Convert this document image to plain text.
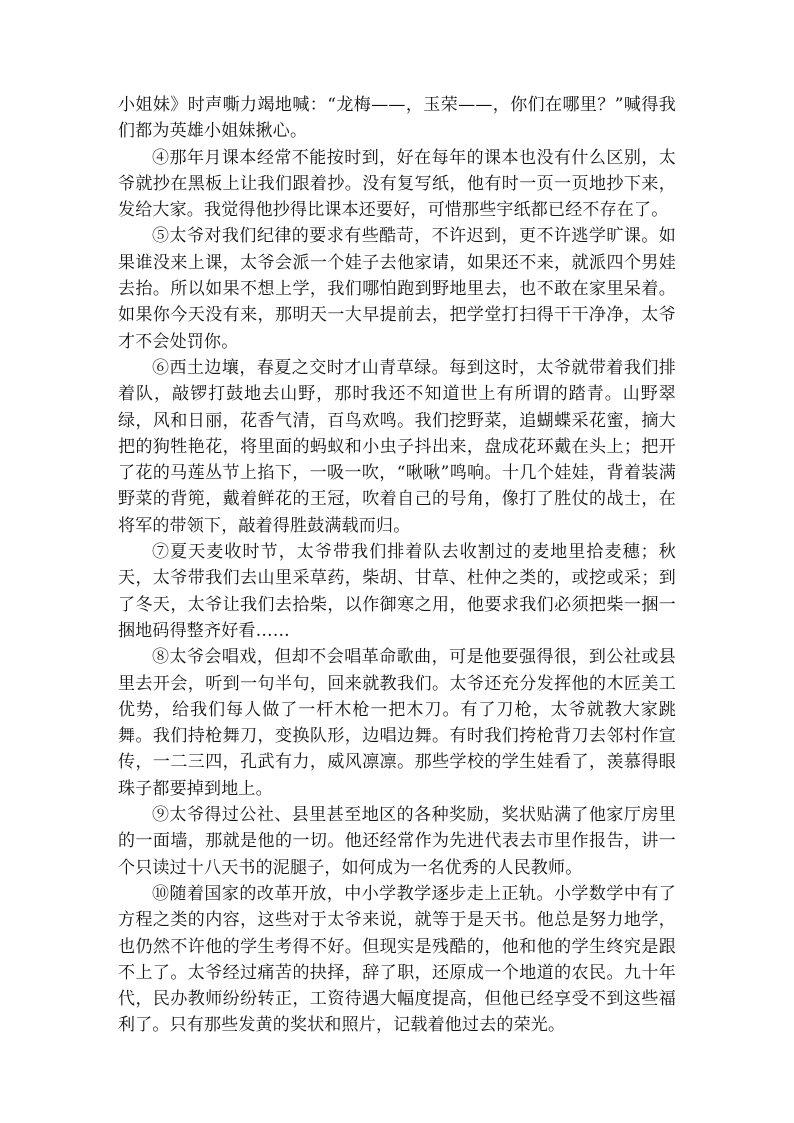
小姐妹》时声嘶力竭地喊：“龙梅——，玉荣——，你们在哪里？”喊得我们都为英雄小姐妹揪心。

④那年月课本经常不能按时到，好在每年的课本也没有什么区别，太爷就抄在黑板上让我们跟着抄。没有复写纸，他有时一页一页地抄下来，发给大家。我觉得他抄得比课本还要好，可惜那些宇纸都已经不存在了。

⑤太爷对我们纪律的要求有些酷苛，不许迟到，更不许逃学旷课。如果谁没来上课，太爷会派一个娃子去他家请，如果还不来，就派四个男娃去抬。所以如果不想上学，我们哪怕跑到野地里去，也不敢在家里呆着。如果你今天没有来，那明天一大早提前去，把学堂打扫得干干净净，太爷才不会处罚你。

⑥西土边壤，春夏之交时才山青草绿。每到这时，太爷就带着我们排着队，敲锣打鼓地去山野，那时我还不知道世上有所谓的踏青。山野翠绿，风和日丽，花香气清，百鸟欢鸣。我们挖野菜，追蝴蝶采花蜜，摘大把的狗牲艳花，将里面的蚂蚁和小虫子抖出来，盘成花环戴在头上；把开了花的马莲丛节上掐下，一吸一吹，“啾啾”鸣响。十几个娃娃，背着装满野菜的背篼，戴着鲜花的王冠，吹着自己的号角，像打了胜仗的战士，在将军的带领下，敲着得胜鼓满载而归。

⑦夏天麦收时节，太爷带我们排着队去收割过的麦地里拾麦穗；秋天，太爷带我们去山里采草药，柴胡、甘草、杜仲之类的，或挖或采；到了冬天，太爷让我们去拾柴，以作御寒之用，他要求我们必须把柴一捆一捆地码得整齐好看……

⑧太爷会唱戏，但却不会唱革命歌曲，可是他要强得很，到公社或县里去开会，听到一句半句，回来就教我们。太爷还充分发挥他的木匠美工优势，给我们每人做了一杆木枪一把木刀。有了刀枪，太爷就教大家跳舞。我们持枪舞刀，变换队形，边唱边舞。有时我们挎枪背刀去邻村作宣传，一二三四，孔武有力，威风凛凛。那些学校的学生娃看了，羡慕得眼珠子都要掉到地上。

⑨太爷得过公社、县里甚至地区的各种奖励，奖状贴满了他家厅房里的一面墙，那就是他的一切。他还经常作为先进代表去市里作报告，讲一个只读过十八天书的泥腿子，如何成为一名优秀的人民教师。

⑩随着国家的改革开放，中小学教学逐步走上正轨。小学数学中有了方程之类的内容，这些对于太爷来说，就等于是天书。他总是努力地学，也仍然不许他的学生考得不好。但现实是残酷的，他和他的学生终究是跟不上了。太爷经过痛苦的抉择，辞了职，还原成一个地道的农民。九十年代，民办教师纷纷转正，工资待遇大幅度提高，但他已经享受不到这些福利了。只有那些发黄的奖状和照片，记载着他过去的荣光。
